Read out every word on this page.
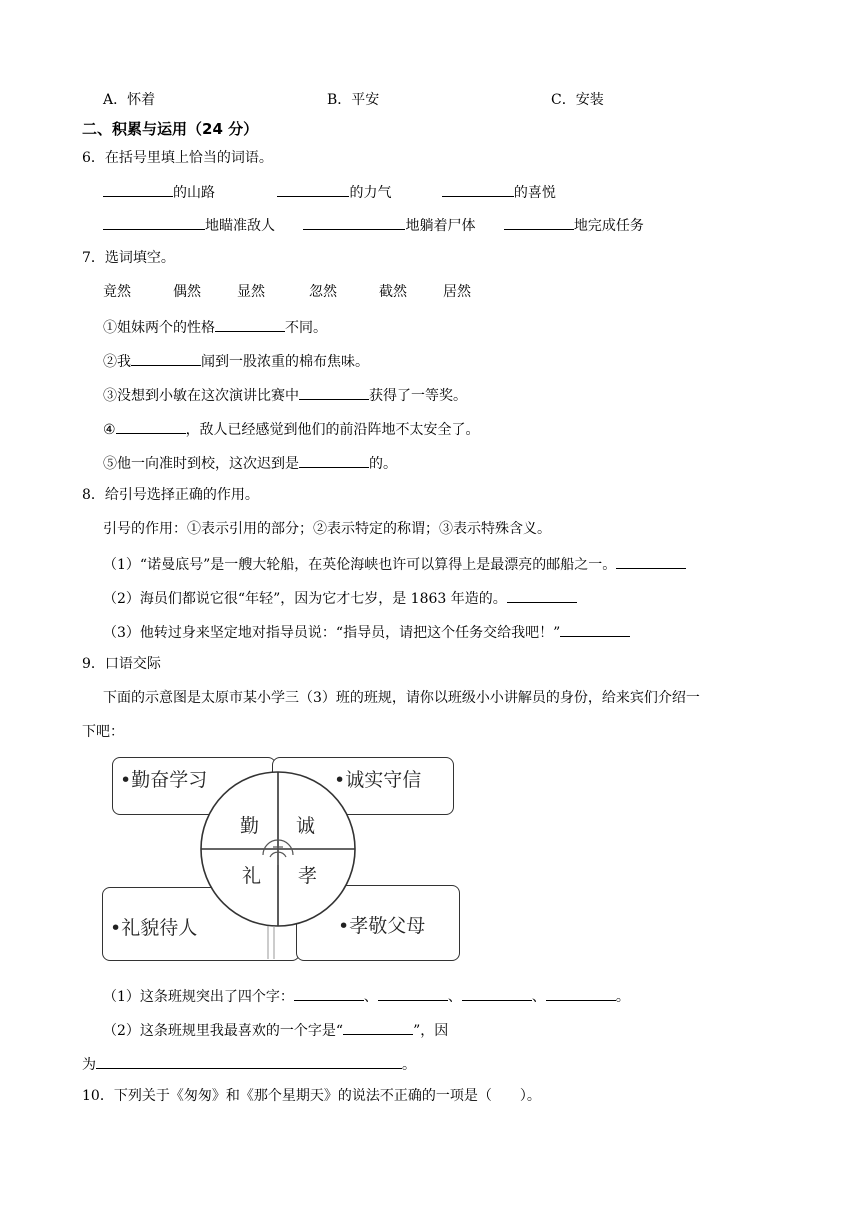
A．怀着	B．平安	C．安装
二、积累与运用（24 分）
6．在括号里填上恰当的词语。
的山路	的力气	的喜悦
地瞄准敌人	地躺着尸体	地完成任务
7．选词填空。
竟然	偶然	显然	忽然	截然	居然
①姐妹两个的性格	不同。
②我	闻到一股浓重的棉布焦味。
③没想到小敏在这次演讲比赛中	获得了一等奖。
④	，敌人已经感觉到他们的前沿阵地不太安全了。
⑤他一向准时到校，这次迟到是	的。
8．给引号选择正确的作用。
引号的作用：①表示引用的部分；②表示特定的称谓；③表示特殊含义。
（1）“诺曼底号”是一艘大轮船，在英伦海峡也许可以算得上是最漂亮的邮船之一。
（2）海员们都说它很“年轻”，因为它才七岁，是 1863 年造的。
（3）他转过身来坚定地对指导员说：“指导员，请把这个任务交给我吧！”
9．口语交际
下面的示意图是太原市某小学三（3）班的班规，请你以班级小小讲解员的身份，给来宾们介绍一
下吧：
•勤奋学习	•诚实守信
•礼貌待人	•孝敬父母
勤 诚
礼 孝
（1）这条班规突出了四个字：	、	、	、	。
（2）这条班规里我最喜欢的一个字是“	”，因
为	。
10．下列关于《匆匆》和《那个星期天》的说法不正确的一项是（　　）。
